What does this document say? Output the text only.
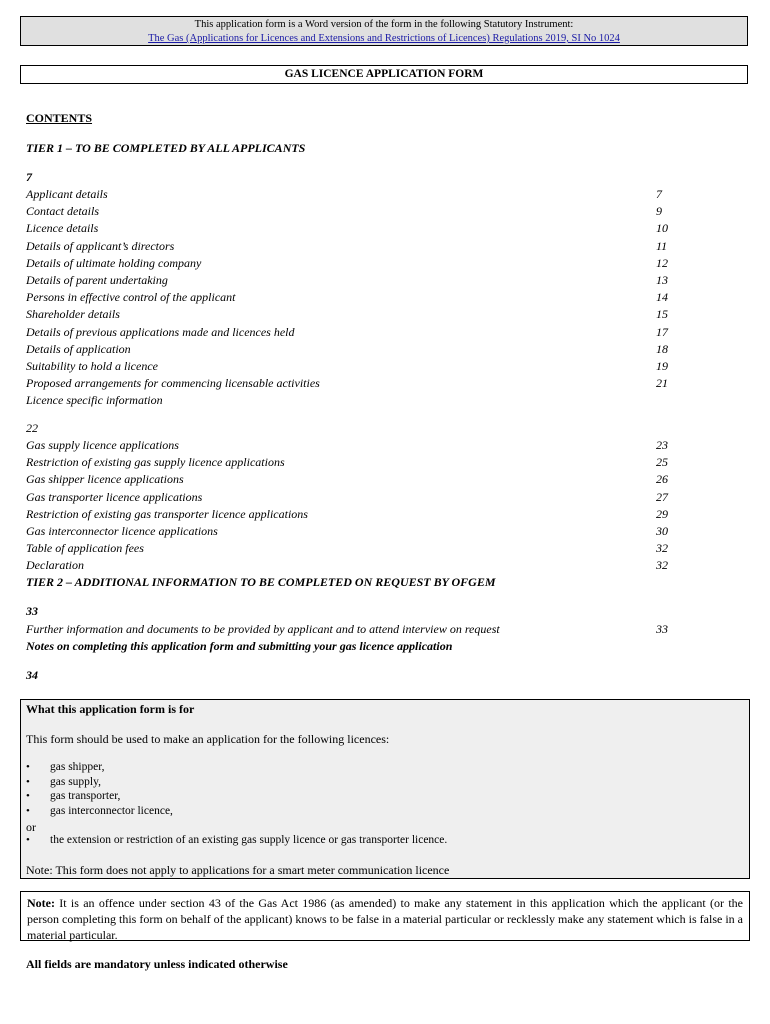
This application form is a Word version of the form in the following Statutory Instrument:
The Gas (Applications for Licences and Extensions and Restrictions of Licences) Regulations 2019, SI No 1024
GAS LICENCE APPLICATION FORM
CONTENTS
TIER 1 – TO BE COMPLETED BY ALL APPLICANTS
7
Applicant details	7
Contact details	9
Licence details	10
Details of applicant’s directors	11
Details of ultimate holding company	12
Details of parent undertaking	13
Persons in effective control of the applicant	14
Shareholder details	15
Details of previous applications made and licences held	17
Details of application	18
Suitability to hold a licence	19
Proposed arrangements for commencing licensable activities	21
Licence specific information
22
Gas supply licence applications	23
Restriction of existing gas supply licence applications	25
Gas shipper licence applications	26
Gas transporter licence applications	27
Restriction of existing gas transporter licence applications	29
Gas interconnector licence applications	30
Table of application fees	32
Declaration	32
TIER 2 – ADDITIONAL INFORMATION TO BE COMPLETED ON REQUEST BY OFGEM
33
Further information and documents to be provided by applicant and to attend interview on request	33
Notes on completing this application form and submitting your gas licence application
34
What this application form is for
This form should be used to make an application for the following licences:
• gas shipper,
• gas supply,
• gas transporter,
• gas interconnector licence,
or
• the extension or restriction of an existing gas supply licence or gas transporter licence.
Note: This form does not apply to applications for a smart meter communication licence
Note: It is an offence under section 43 of the Gas Act 1986 (as amended) to make any statement in this application which the applicant (or the person completing this form on behalf of the applicant) knows to be false in a material particular or recklessly make any statement which is false in a material particular.
All fields are mandatory unless indicated otherwise
